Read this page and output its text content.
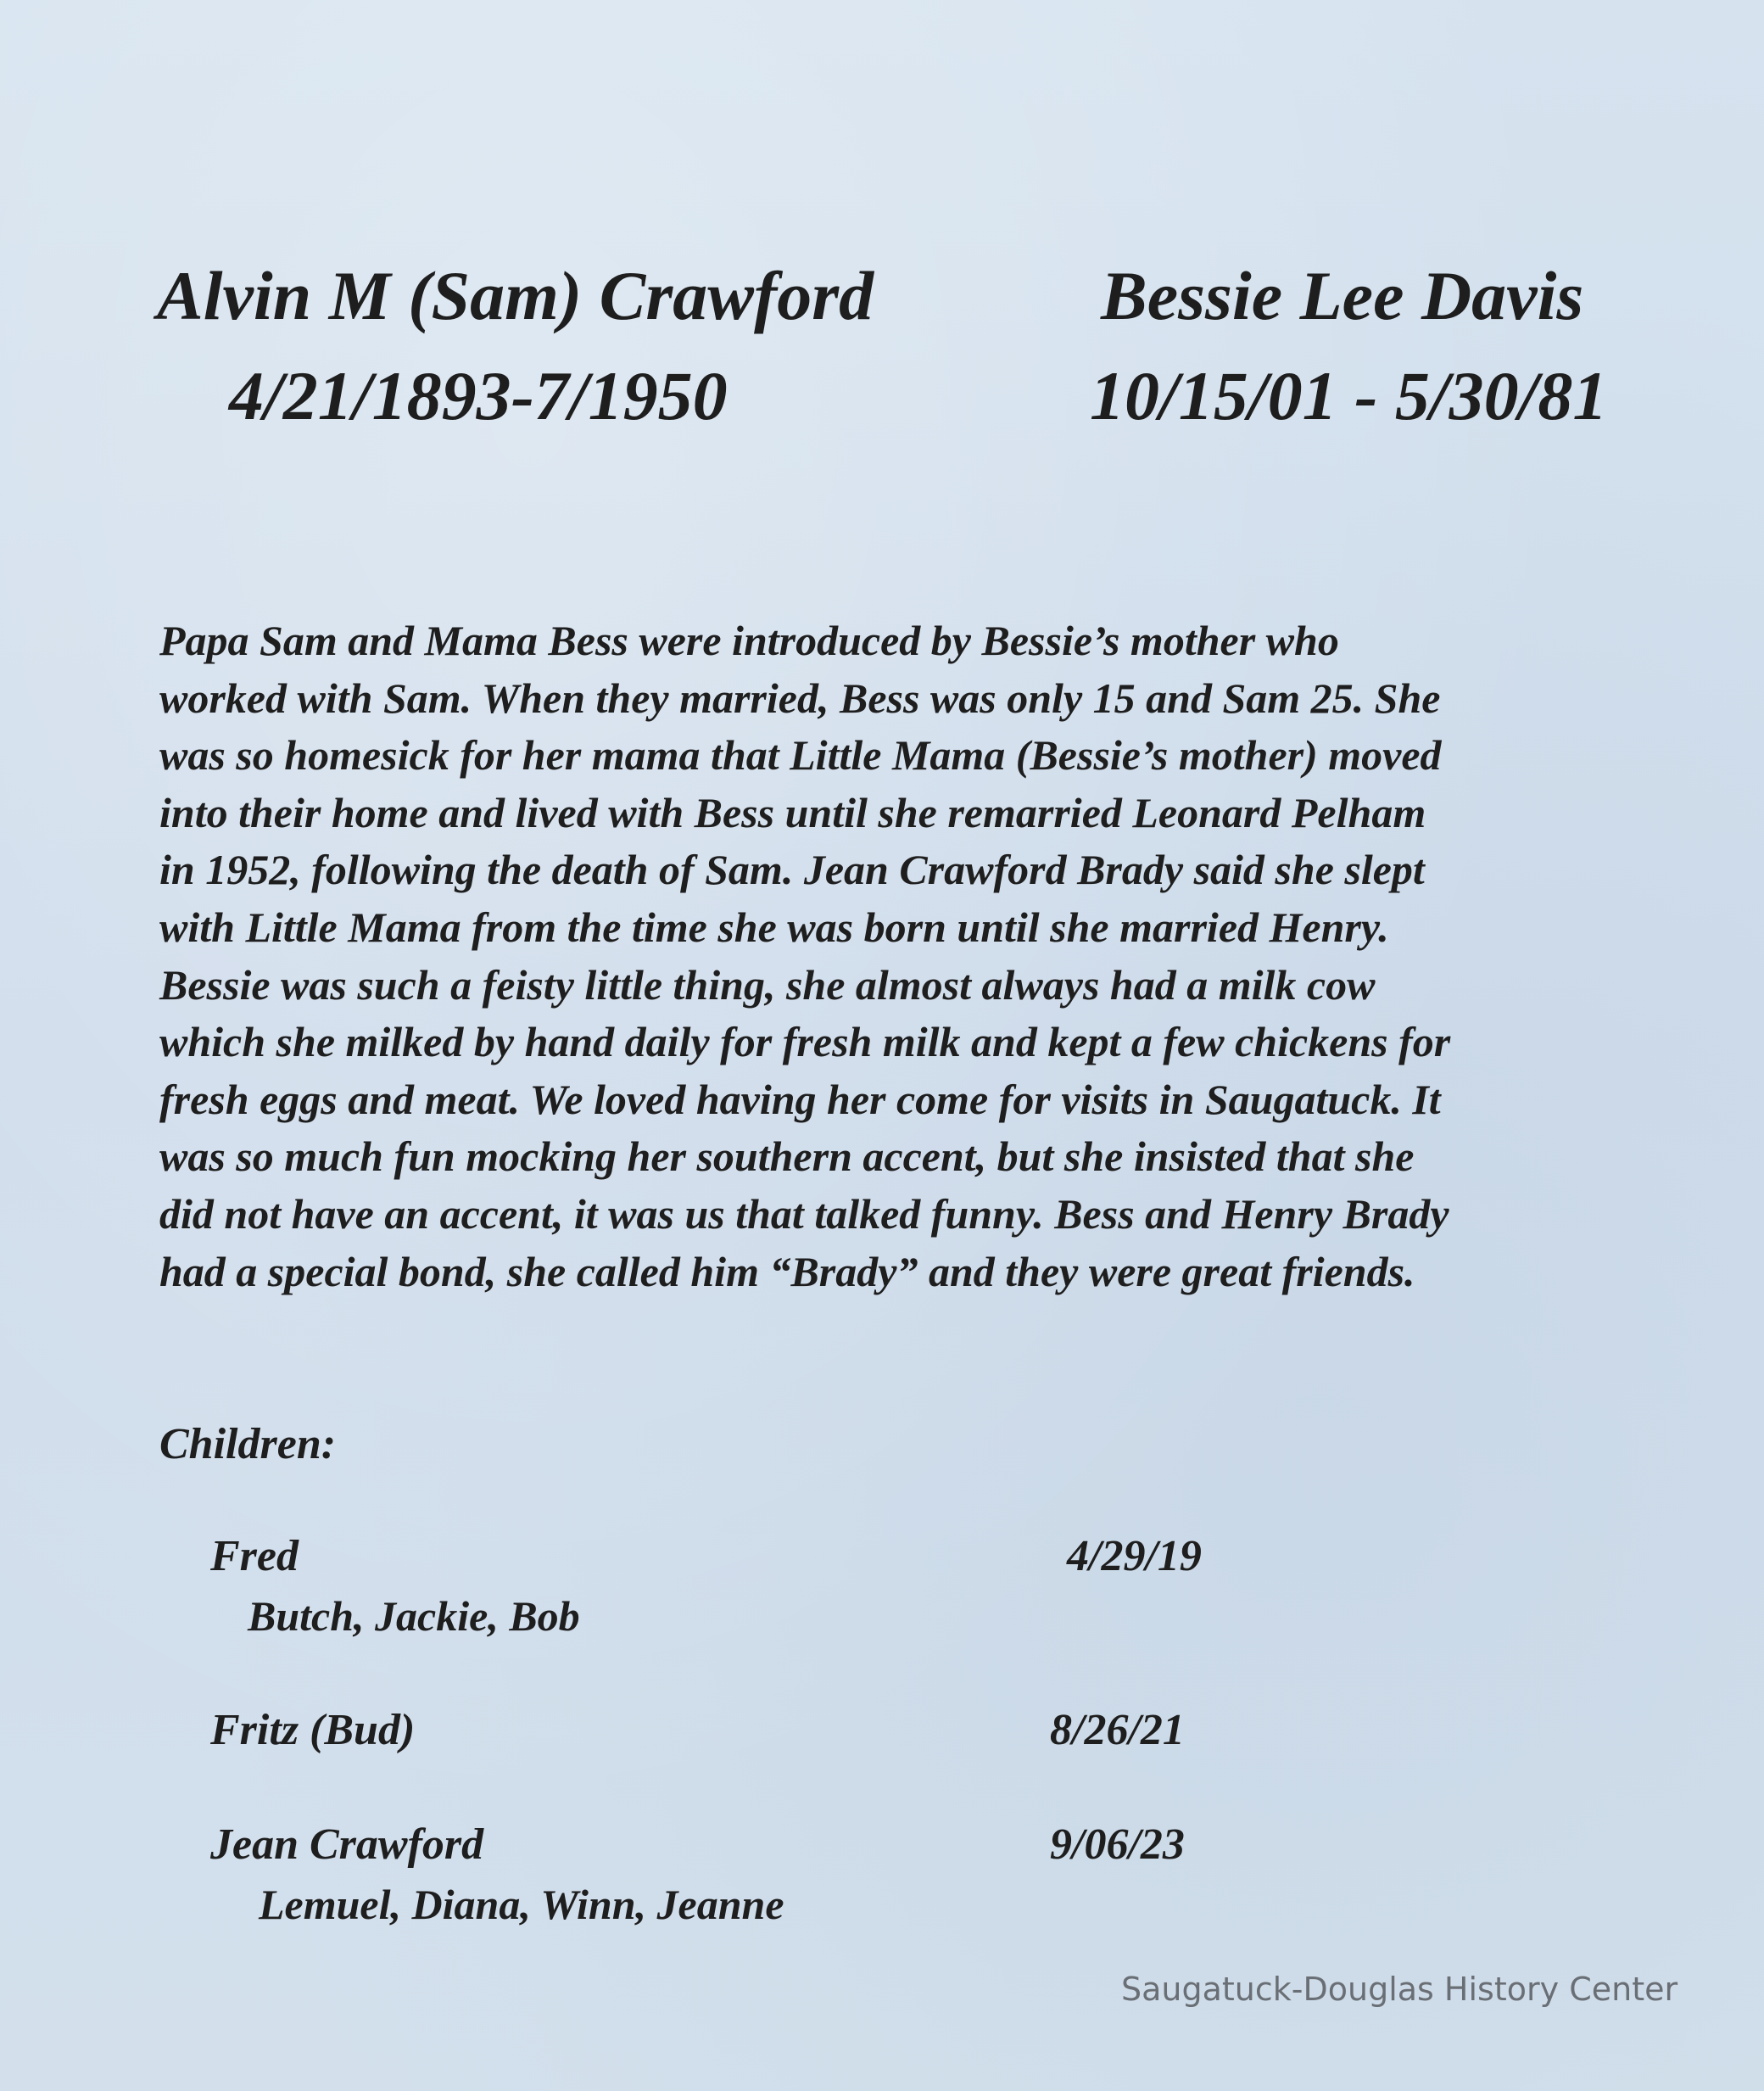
Alvin M (Sam) Crawford
4/21/1893-7/1950
Bessie Lee Davis
10/15/01 - 5/30/81

Papa Sam and Mama Bess were introduced by Bessie’s mother who
worked with Sam. When they married, Bess was only 15 and Sam 25. She
was so homesick for her mama that Little Mama (Bessie’s mother) moved
into their home and lived with Bess until she remarried Leonard Pelham
in 1952, following the death of Sam. Jean Crawford Brady said she slept
with Little Mama from the time she was born until she married Henry.
Bessie was such a feisty little thing, she almost always had a milk cow
which she milked by hand daily for fresh milk and kept a few chickens for
fresh eggs and meat. We loved having her come for visits in Saugatuck. It
was so much fun mocking her southern accent, but she insisted that she
did not have an accent, it was us that talked funny. Bess and Henry Brady
had a special bond, she called him “Brady” and they were great friends.

Children:
Fred	4/29/19
Butch, Jackie, Bob
Fritz (Bud)	8/26/21
Jean Crawford	9/06/23
Lemuel, Diana, Winn, Jeanne
Saugatuck-Douglas History Center
